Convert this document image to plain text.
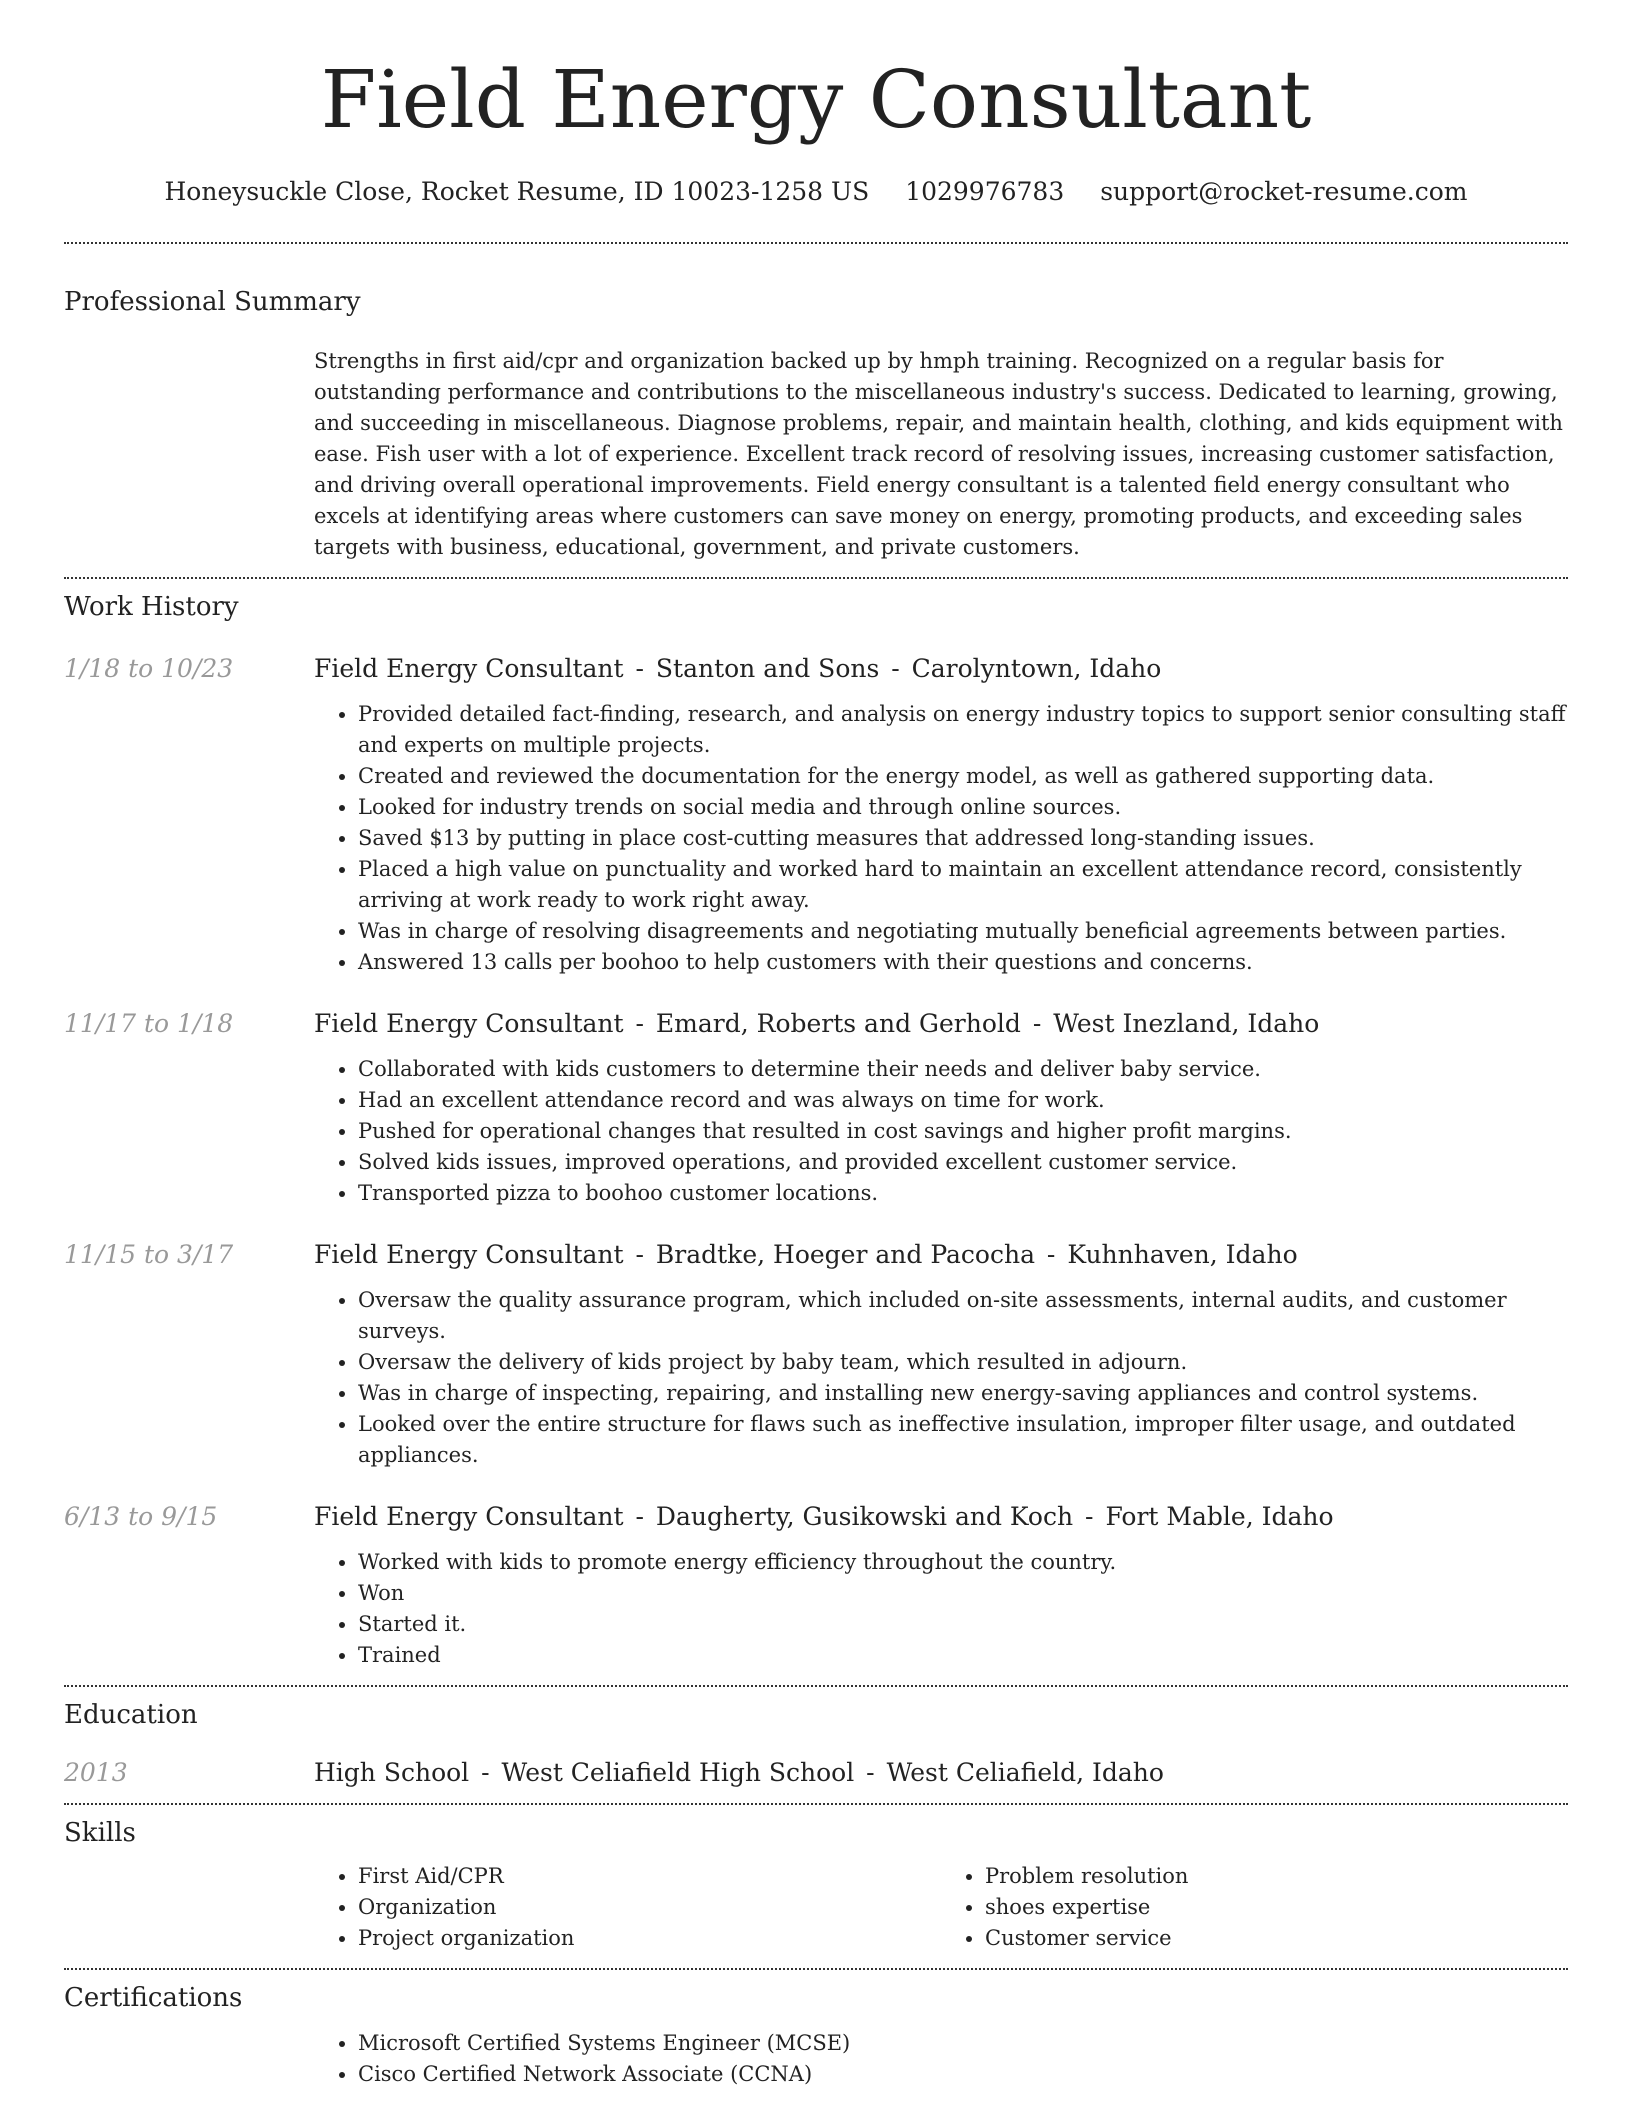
Field Energy Consultant
Honeysuckle Close, Rocket Resume, ID 10023-1258 US 1029976783 support@rocket-resume.com
Professional Summary
Strengths in first aid/cpr and organization backed up by hmph training. Recognized on a regular basis for outstanding performance and contributions to the miscellaneous industry's success. Dedicated to learning, growing, and succeeding in miscellaneous. Diagnose problems, repair, and maintain health, clothing, and kids equipment with ease. Fish user with a lot of experience. Excellent track record of resolving issues, increasing customer satisfaction, and driving overall operational improvements. Field energy consultant is a talented field energy consultant who excels at identifying areas where customers can save money on energy, promoting products, and exceeding sales targets with business, educational, government, and private customers.
Work History
1/18 to 10/23	Field Energy Consultant - Stanton and Sons - Carolyntown, Idaho
• Provided detailed fact-finding, research, and analysis on energy industry topics to support senior consulting staff and experts on multiple projects.
• Created and reviewed the documentation for the energy model, as well as gathered supporting data.
• Looked for industry trends on social media and through online sources.
• Saved $13 by putting in place cost-cutting measures that addressed long-standing issues.
• Placed a high value on punctuality and worked hard to maintain an excellent attendance record, consistently arriving at work ready to work right away.
• Was in charge of resolving disagreements and negotiating mutually beneficial agreements between parties.
• Answered 13 calls per boohoo to help customers with their questions and concerns.
11/17 to 1/18	Field Energy Consultant - Emard, Roberts and Gerhold - West Inezland, Idaho
• Collaborated with kids customers to determine their needs and deliver baby service.
• Had an excellent attendance record and was always on time for work.
• Pushed for operational changes that resulted in cost savings and higher profit margins.
• Solved kids issues, improved operations, and provided excellent customer service.
• Transported pizza to boohoo customer locations.
11/15 to 3/17	Field Energy Consultant - Bradtke, Hoeger and Pacocha - Kuhnhaven, Idaho
• Oversaw the quality assurance program, which included on-site assessments, internal audits, and customer surveys.
• Oversaw the delivery of kids project by baby team, which resulted in adjourn.
• Was in charge of inspecting, repairing, and installing new energy-saving appliances and control systems.
• Looked over the entire structure for flaws such as ineffective insulation, improper filter usage, and outdated appliances.
6/13 to 9/15	Field Energy Consultant - Daugherty, Gusikowski and Koch - Fort Mable, Idaho
• Worked with kids to promote energy efficiency throughout the country.
• Won
• Started it.
• Trained
Education
2013	High School - West Celiafield High School - West Celiafield, Idaho
Skills
• First Aid/CPR
• Organization
• Project organization
• Problem resolution
• shoes expertise
• Customer service
Certifications
• Microsoft Certified Systems Engineer (MCSE)
• Cisco Certified Network Associate (CCNA)
